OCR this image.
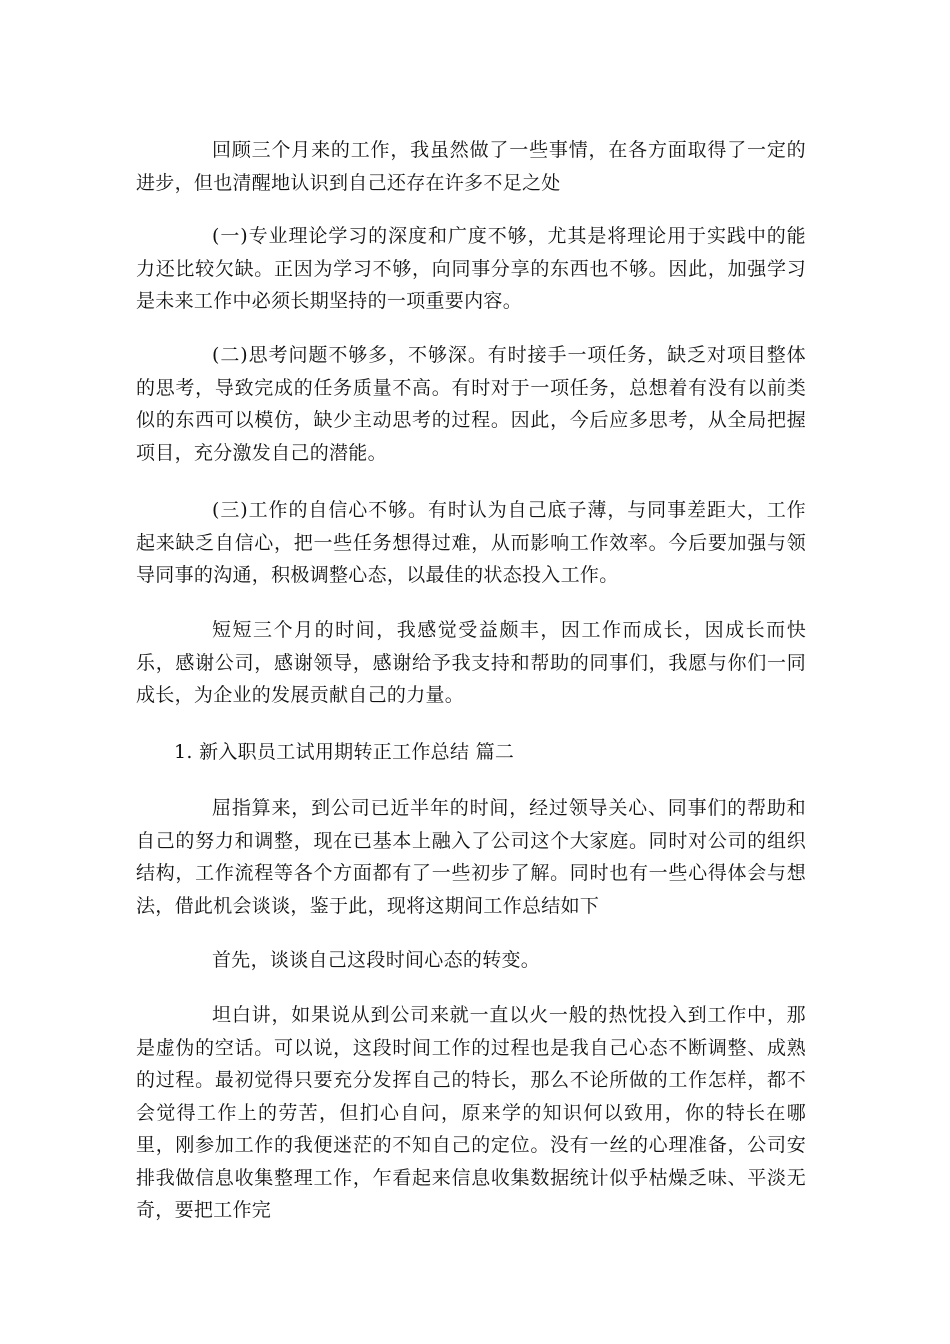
回顾三个月来的工作，我虽然做了一些事情，在各方面取得了一定的进步，但也清醒地认识到自己还存在许多不足之处

(一)专业理论学习的深度和广度不够，尤其是将理论用于实践中的能力还比较欠缺。正因为学习不够，向同事分享的东西也不够。因此，加强学习是未来工作中必须长期坚持的一项重要内容。

(二)思考问题不够多，不够深。有时接手一项任务，缺乏对项目整体的思考，导致完成的任务质量不高。有时对于一项任务，总想着有没有以前类似的东西可以模仿，缺少主动思考的过程。因此，今后应多思考，从全局把握项目，充分激发自己的潜能。

(三)工作的自信心不够。有时认为自己底子薄，与同事差距大，工作起来缺乏自信心，把一些任务想得过难，从而影响工作效率。今后要加强与领导同事的沟通，积极调整心态，以最佳的状态投入工作。

短短三个月的时间，我感觉受益颇丰，因工作而成长，因成长而快乐，感谢公司，感谢领导，感谢给予我支持和帮助的同事们，我愿与你们一同成长，为企业的发展贡献自己的力量。

1. 新入职员工试用期转正工作总结 篇二

屈指算来，到公司已近半年的时间，经过领导关心、同事们的帮助和自己的努力和调整，现在已基本上融入了公司这个大家庭。同时对公司的组织结构，工作流程等各个方面都有了一些初步了解。同时也有一些心得体会与想法，借此机会谈谈，鉴于此，现将这期间工作总结如下

首先，谈谈自己这段时间心态的转变。

坦白讲，如果说从到公司来就一直以火一般的热忱投入到工作中，那是虚伪的空话。可以说，这段时间工作的过程也是我自己心态不断调整、成熟的过程。最初觉得只要充分发挥自己的特长，那么不论所做的工作怎样，都不会觉得工作上的劳苦，但扪心自问，原来学的知识何以致用，你的特长在哪里，刚参加工作的我便迷茫的不知自己的定位。没有一丝的心理准备，公司安排我做信息收集整理工作，乍看起来信息收集数据统计似乎枯燥乏味、平淡无奇，要把工作完
